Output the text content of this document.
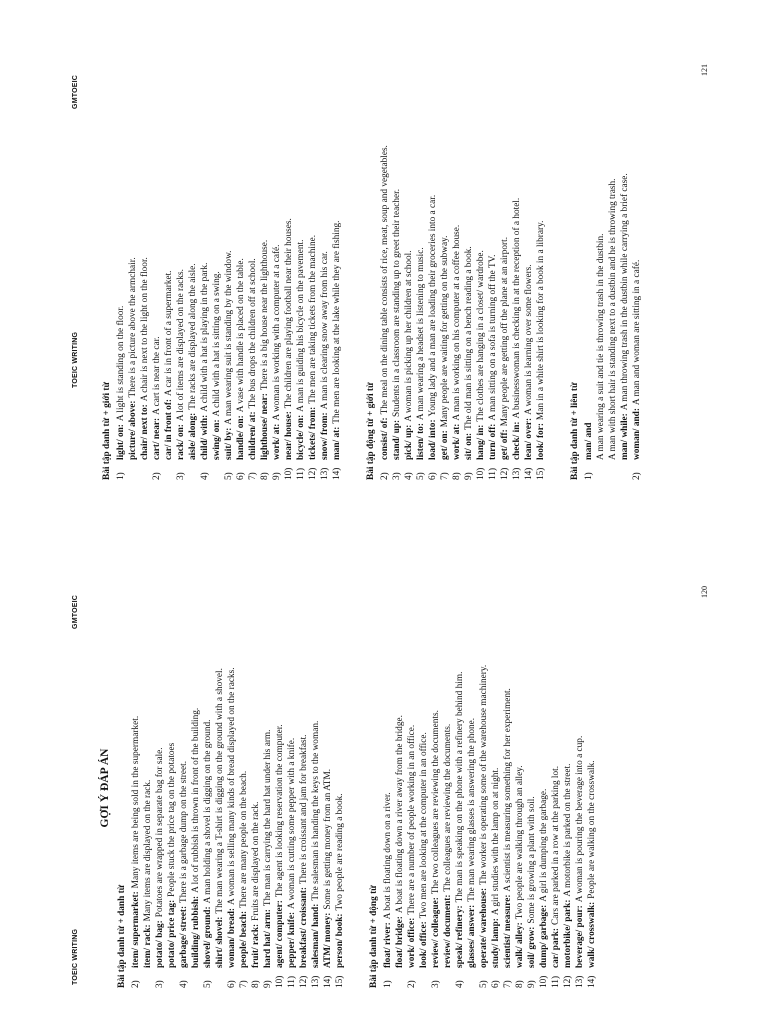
TOEIC WRITING
GMTOEIC
GỢI Ý ĐÁP ÁN
Bài tập danh từ + danh từ 2)
item/ supermarket:Many items are being sold in the supermarket.
item/ rack:Many items are displayed on the rack.
3)
potato/ bag:Potatoes are wrapped in separate bag for sale.
potato/ price tag:People stuck the price tag on the potatoes
4)
garbage/ street:There is a garbage dump on the street.
building/ rubbish:A lot of rubbish is thrown in front of the building.
5)
shovel/ ground:A man holding a shovel is digging on the ground.
shirt/ shovel:The man wearing a T-shirt is digging on the ground with a shovel.
6)
woman/ bread:A woman is selling many kinds of bread displayed on the racks.
7)
people/ beach:There are many people on the beach.
8)
fruit/ rack:Fruits are displayed on the rack.
9)
hard hat/ arm:The man is carrying the hard hat under his arm.
10)
agent/ computer:The agent is looking reservation the computer.
11)
pepper/ knife:A woman is cutting some pepper with a knife.
12)
breakfast/ croissant:There is croissant and jam for breakfast.
13)
salesman/ hand:The salesman is handing the keys to the woman.
14)
ATM/ money:Some is getting money from an ATM.
15)
person/ book:Two people are reading a book.
Bài tập danh từ + động từ 1)
float/ river:A boat is floating down on a river.
float/ bridge:A boat is floating down a river away from the bridge.
2)
work/ office:There are a number of people working in an office.
look/ office:Two men are looking at the computer in an office.
3)
review/ colleague:The two colleagues are reviewing the documents.
review/ document:The colleagues are reviewing the documents.
4)
speak/ refinery:The man is speaking on the phone with a refinery behind him.
glasses/ answer:The man wearing glasses is answering the phone.
5)
operate/ warehouse:The worker is operating some of the warehouse machinery.
6)
study/ lamp:A girl studies with the lamp on at night.
7)
scientist/ measure:A scientist is measuring something for her experiment.
8)
walk/ alley:Two people are walking through an alley.
9)
soil/ grow:Some is growing a plant with soil.
10)
dump/ garbage:A girl is dumping the garbage.
11)
car/ park:Cars are parked in a row at the parking lot.
12)
motorbike/ park:A motorbike is parked on the street.
13)
beverage/ pour:A woman is pouring the beverage into a cup.
14)
walk/ crosswalk:People are walking on the crosswalk.
120
TOEIC WRITING
GMTOEIC
Bài tập danh từ + giới từ 1)
light/ on:A light is standing on the floor.
picture/ above:There is a picture above the armchair.
chair/ next to:A chair is next to the light on the floor.
2)
cart/ near:A cart is near the car.
car/ in front of:A car is in front of a supermarket.
3)
rack/ on:A lot of items are displayed on the racks.
aisle/ along:The racks are displayed along the aisle.
4)
child/ with:A child with a hat is playing in the park.
swing/ on:A child with a hat is sitting on a swing.
5)
suit/ by:A man wearing suit is standing by the window.
6)
handle/ on:A vase with handle is placed on the table.
7)
children/ at:The bus drops the children off at school.
8)
lighthouse/ near:There is a big house near the lighthouse.
9)
work/ at:A woman is working with a computer at a café.
10)
near/ house:The children are playing football near their houses.
11)
bicycle/ on:A man is guiding his bicycle on the pavement.
12)
tickets/ from:The men are taking tickets from the machine.
13)
snow/ from:A man is clearing snow away from his car.
14)
man/ at:The men are looking at the lake while they are fishing.
Bài tập động từ + giới từ 2)
consist/ of:The meal on the dining table consists of rice, meat, soup and vegetables.
3)
stand/ up:Students in a classroom are standing up to greet their teacher.
4)
pick/ up:A woman is picking up her children at school.
5)
listen/ to:A man wearing a headset is listening to music.
6)
load/ into:Young lady and a man are loading their groceries into a car.
7)
get/ on:Many people are waiting for getting on the subway.
8)
work/ at:A man is working on his computer at a coffee house.
9)
sit/ on:The old man is sitting on a bench reading a book.
10)
hang/ in:The clothes are hanging in a closet/ wardrobe.
11)
turn/ off:A man sitting on a sofa is turning off the TV.
12)
get/ off:Many people are getting off the plane at an airport.
13)
check/ in:A businesswoman is checking in at the reception of a hotel.
14)
lean/ over:A woman is learning over some flowers.
15)
look/ for:Man in a white shirt is looking for a book in a library.
Bài tập danh từ + liên từ 1)
man/ and A man wearing a suit and tie is throwing trash in the dustbin. A man with short hair is standing next to a dustbin and he is throwing trash. man/ while:A man throwing trash in the dustbin while carrying a brief case.
2)
woman/ and:A man and woman are sitting in a café.
121
